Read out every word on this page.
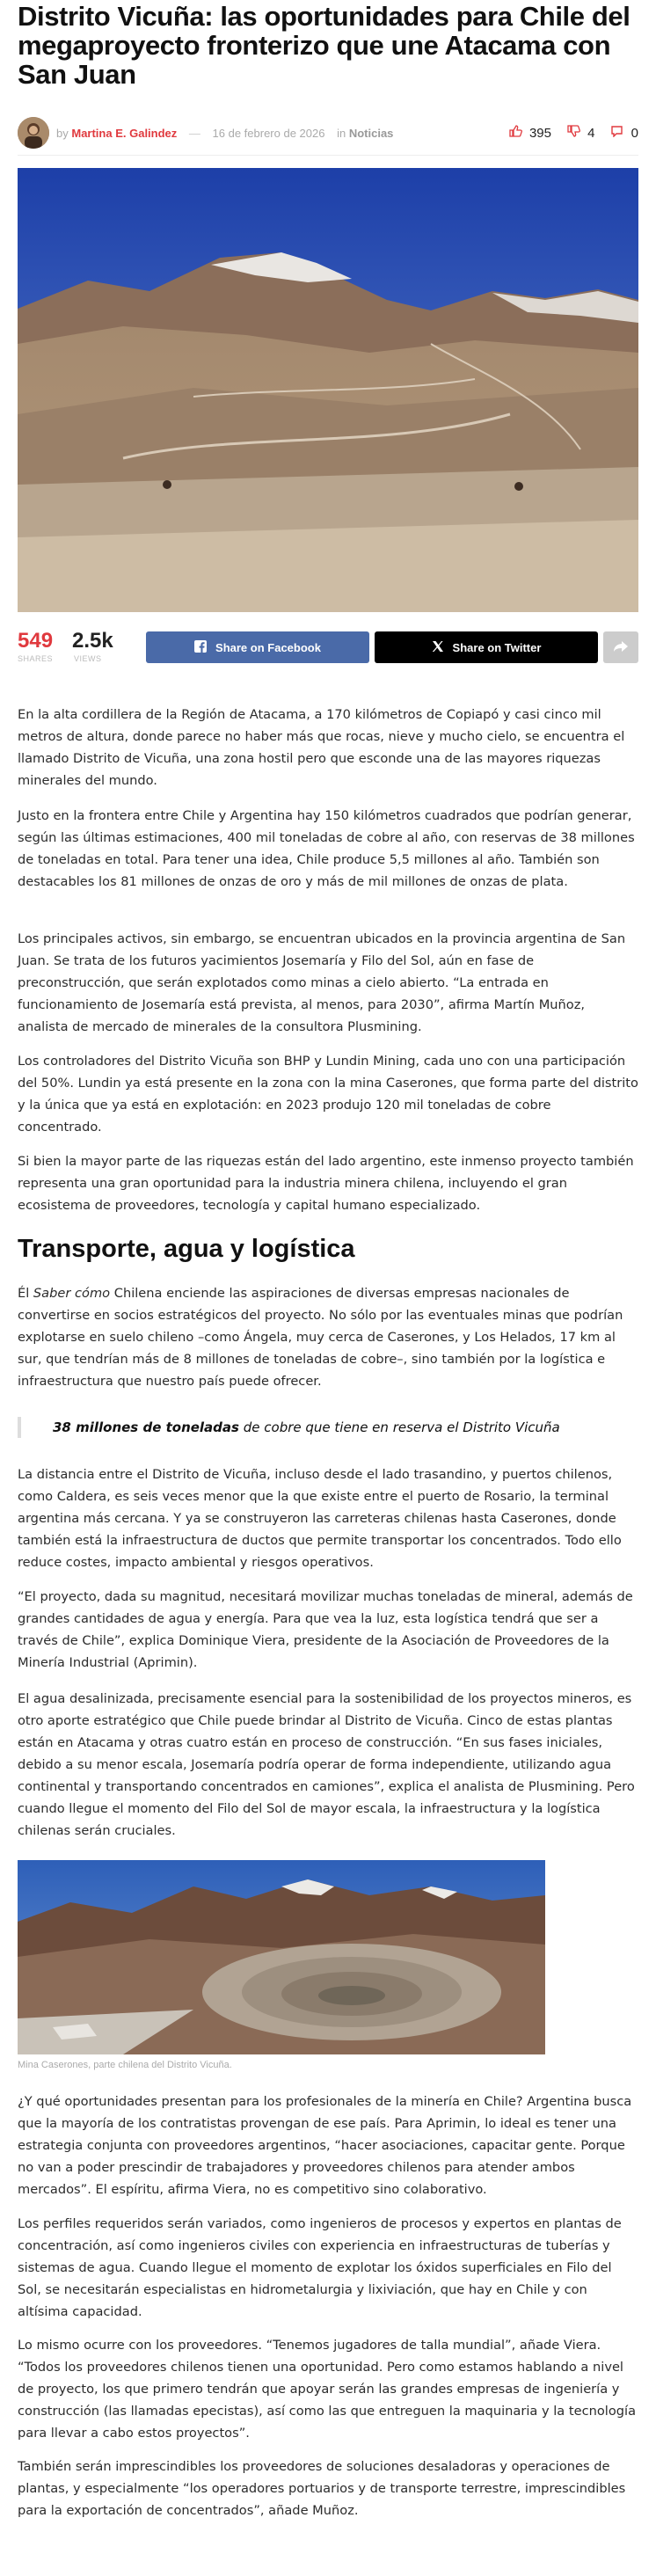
Distrito Vicuña: las oportunidades para Chile del megaproyecto fronterizo que une Atacama con San Juan
by Martina E. Galindez — 16 de febrero de 2026 in Noticias	395	4	0
549
SHARES
2.5k
VIEWS
Share on Facebook	Share on Twitter

En la alta cordillera de la Región de Atacama, a 170 kilómetros de Copiapó y casi cinco mil metros de altura, donde parece no haber más que rocas, nieve y mucho cielo, se encuentra el llamado Distrito de Vicuña, una zona hostil pero que esconde una de las mayores riquezas minerales del mundo.

Justo en la frontera entre Chile y Argentina hay 150 kilómetros cuadrados que podrían generar, según las últimas estimaciones, 400 mil toneladas de cobre al año, con reservas de 38 millones de toneladas en total. Para tener una idea, Chile produce 5,5 millones al año. También son destacables los 81 millones de onzas de oro y más de mil millones de onzas de plata.

Los principales activos, sin embargo, se encuentran ubicados en la provincia argentina de San Juan. Se trata de los futuros yacimientos Josemaría y Filo del Sol, aún en fase de preconstrucción, que serán explotados como minas a cielo abierto. “La entrada en funcionamiento de Josemaría está prevista, al menos, para 2030”, afirma Martín Muñoz, analista de mercado de minerales de la consultora Plusmining.

Los controladores del Distrito Vicuña son BHP y Lundin Mining, cada uno con una participación del 50%. Lundin ya está presente en la zona con la mina Caserones, que forma parte del distrito y la única que ya está en explotación: en 2023 produjo 120 mil toneladas de cobre concentrado.

Si bien la mayor parte de las riquezas están del lado argentino, este inmenso proyecto también representa una gran oportunidad para la industria minera chilena, incluyendo el gran ecosistema de proveedores, tecnología y capital humano especializado.

Transporte, agua y logística

Él Saber cómo Chilena enciende las aspiraciones de diversas empresas nacionales de convertirse en socios estratégicos del proyecto. No sólo por las eventuales minas que podrían explotarse en suelo chileno –como Ángela, muy cerca de Caserones, y Los Helados, 17 km al sur, que tendrían más de 8 millones de toneladas de cobre–, sino también por la logística e infraestructura que nuestro país puede ofrecer.

38 millones de toneladas de cobre que tiene en reserva el Distrito Vicuña

La distancia entre el Distrito de Vicuña, incluso desde el lado trasandino, y puertos chilenos, como Caldera, es seis veces menor que la que existe entre el puerto de Rosario, la terminal argentina más cercana. Y ya se construyeron las carreteras chilenas hasta Caserones, donde también está la infraestructura de ductos que permite transportar los concentrados. Todo ello reduce costes, impacto ambiental y riesgos operativos.

“El proyecto, dada su magnitud, necesitará movilizar muchas toneladas de mineral, además de grandes cantidades de agua y energía. Para que vea la luz, esta logística tendrá que ser a través de Chile”, explica Dominique Viera, presidente de la Asociación de Proveedores de la Minería Industrial (Aprimin).

El agua desalinizada, precisamente esencial para la sostenibilidad de los proyectos mineros, es otro aporte estratégico que Chile puede brindar al Distrito de Vicuña. Cinco de estas plantas están en Atacama y otras cuatro están en proceso de construcción. “En sus fases iniciales, debido a su menor escala, Josemaría podría operar de forma independiente, utilizando agua continental y transportando concentrados en camiones”, explica el analista de Plusmining. Pero cuando llegue el momento del Filo del Sol de mayor escala, la infraestructura y la logística chilenas serán cruciales.

Mina Caserones, parte chilena del Distrito Vicuña.

¿Y qué oportunidades presentan para los profesionales de la minería en Chile? Argentina busca que la mayoría de los contratistas provengan de ese país. Para Aprimin, lo ideal es tener una estrategia conjunta con proveedores argentinos, “hacer asociaciones, capacitar gente. Porque no van a poder prescindir de trabajadores y proveedores chilenos para atender ambos mercados”. El espíritu, afirma Viera, no es competitivo sino colaborativo.

Los perfiles requeridos serán variados, como ingenieros de procesos y expertos en plantas de concentración, así como ingenieros civiles con experiencia en infraestructuras de tuberías y sistemas de agua. Cuando llegue el momento de explotar los óxidos superficiales en Filo del Sol, se necesitarán especialistas en hidrometalurgia y lixiviación, que hay en Chile y con altísima capacidad.

Lo mismo ocurre con los proveedores. “Tenemos jugadores de talla mundial”, añade Viera. “Todos los proveedores chilenos tienen una oportunidad. Pero como estamos hablando a nivel de proyecto, los que primero tendrán que apoyar serán las grandes empresas de ingeniería y construcción (las llamadas epecistas), así como las que entreguen la maquinaria y la tecnología para llevar a cabo estos proyectos”.

También serán imprescindibles los proveedores de soluciones desaladoras y operaciones de plantas, y especialmente “los operadores portuarios y de transporte terrestre, imprescindibles para la exportación de concentrados”, añade Muñoz.
